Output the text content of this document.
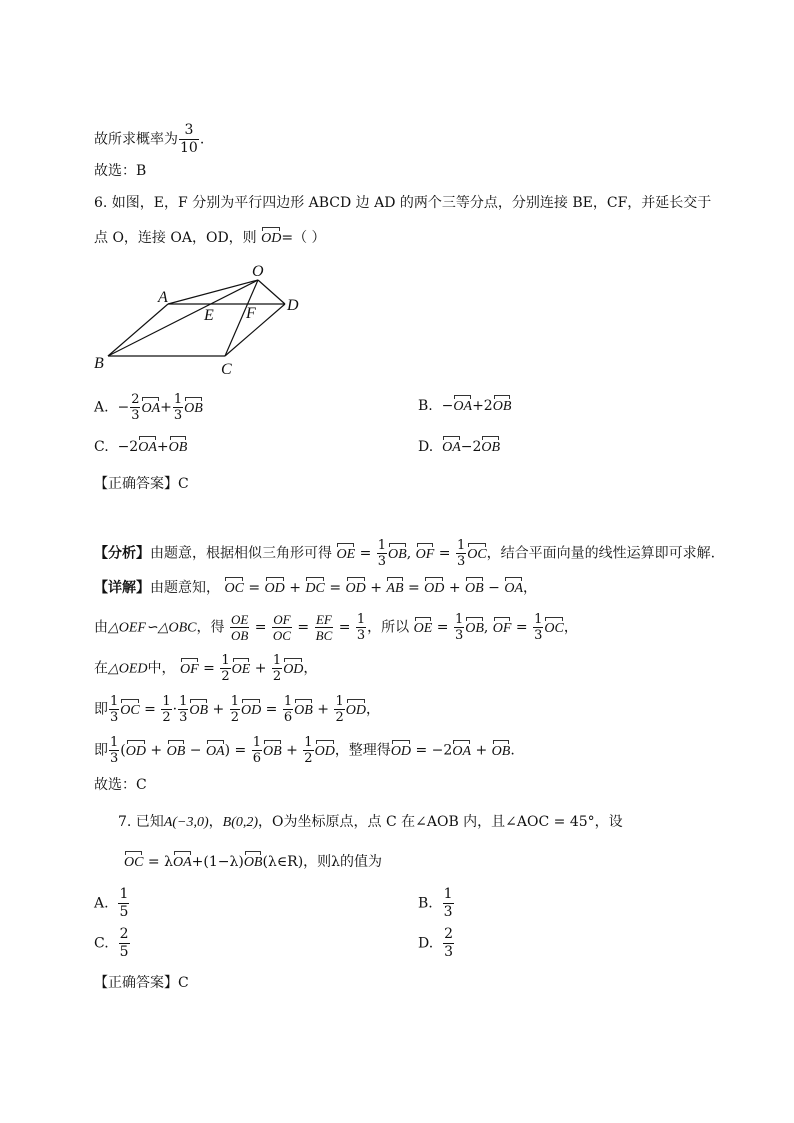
故所求概率为 $\frac{3}{10}$ .
故选：B
6. 如图，E，F 分别为平行四边形 ABCD 边 AD 的两个三等分点，分别连接 BE，CF，并延长交于
点 O，连接 OA，OD，则 OD=（ ）
O
A	D
E F
B	C
A. − $\frac{2}{3} OA+ \frac{1}{3}$ OB	B. −OA+2OB
C. −2OA+OB	D. OA−2OB
【正确答案】C
【分析】由题意，根据相似三角形可得 OE = $\frac{1}{3}$ OB, OF = $\frac{1}{3}$ OC，结合平面向量的线性运算即可求解.
【详解】由题意知， OC = OD + DC = OD + AB = OD + OB − OA，
由△OEF∽△OBC，得 $\frac{OE}{OB} = \frac{OF}{OC} = \frac{EF}{BC} = \frac{1}{3}$ ，所以 OE = $\frac{1}{3}$ OB, OF = $\frac{1}{3}$ OC，
在△OED中， OF = $\frac{1}{2}$ OE + $\frac{1}{2}$ OD，
即 $\frac{1}{3}$ OC = $\frac{1}{2} \cdot \frac{1}{3}$ OB + $\frac{1}{2}$ OD = $\frac{1}{6}$ OB + $\frac{1}{2}$ OD，
即 $\frac{1}{3} (OD$ + OB − $OA) = \frac{1}{6}$ OB + $\frac{1}{2}$ OD，整理得OD = −2OA + OB.
故选：C
7. 已知A(−3,0)，B(0,2)，O为坐标原点，点 C 在∠AOB 内，且∠AOC = 45°，设
OC = λOA+(1−λ)OB(λ∈R)，则λ的值为
A. $\frac{1}{5}$	B. $\frac{1}{3}$
C. $\frac{2}{5}$	D. $\frac{2}{3}$
【正确答案】C
